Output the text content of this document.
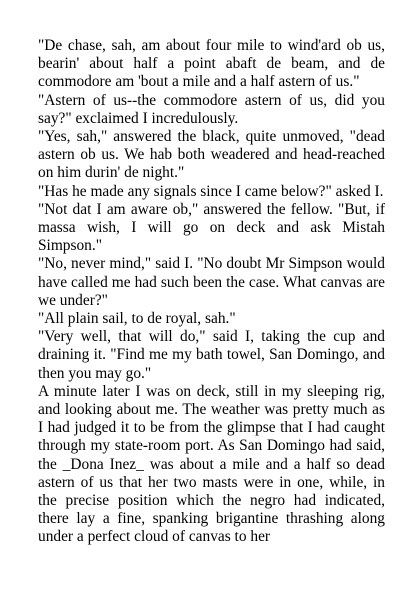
"De chase, sah, am about four mile to wind'ard ob us, bearin' about half a point abaft de beam, and de commodore am 'bout a mile and a half astern of us."

"Astern of us--the commodore astern of us, did you say?" exclaimed I incredulously.

"Yes, sah," answered the black, quite unmoved, "dead astern ob us. We hab both weadered and head-reached on him durin' de night."

"Has he made any signals since I came below?" asked I.

"Not dat I am aware ob," answered the fellow. "But, if massa wish, I will go on deck and ask Mistah Simpson."

"No, never mind," said I. "No doubt Mr Simpson would have called me had such been the case. What canvas are we under?"

"All plain sail, to de royal, sah."

"Very well, that will do," said I, taking the cup and draining it. "Find me my bath towel, San Domingo, and then you may go."

A minute later I was on deck, still in my sleeping rig, and looking about me. The weather was pretty much as I had judged it to be from the glimpse that I had caught through my state-room port. As San Domingo had said, the _Dona Inez_ was about a mile and a half so dead astern of us that her two masts were in one, while, in the precise position which the negro had indicated, there lay a fine, spanking brigantine thrashing along under a perfect cloud of canvas to her
